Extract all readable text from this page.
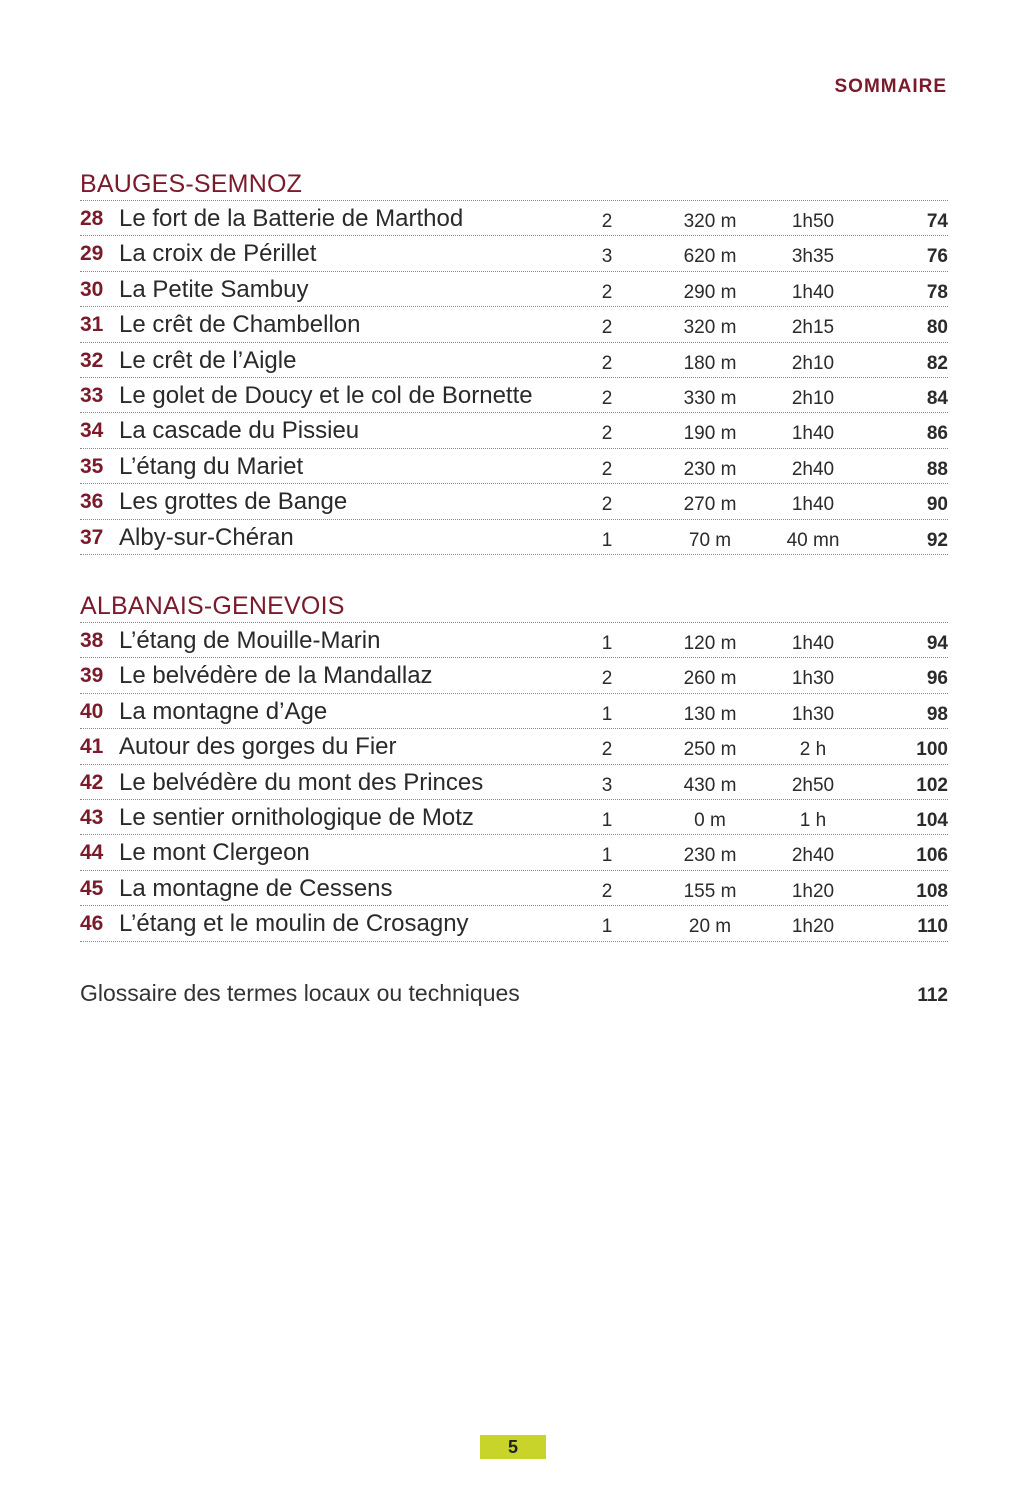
SOMMAIRE
BAUGES-SEMNOZ
28 Le fort de la Batterie de Marthod	2	320 m	1h50	74
29 La croix de Périllet	3	620 m	3h35	76
30 La Petite Sambuy	2	290 m	1h40	78
31 Le crêt de Chambellon	2	320 m	2h15	80
32 Le crêt de l’Aigle	2	180 m	2h10	82
33 Le golet de Doucy et le col de Bornette	2	330 m	2h10	84
34 La cascade du Pissieu	2	190 m	1h40	86
35 L’étang du Mariet	2	230 m	2h40	88
36 Les grottes de Bange	2	270 m	1h40	90
37 Alby-sur-Chéran	1	70 m	40 mn	92
ALBANAIS-GENEVOIS
38 L’étang de Mouille-Marin	1	120 m	1h40	94
39 Le belvédère de la Mandallaz	2	260 m	1h30	96
40 La montagne d’Age	1	130 m	1h30	98
41 Autour des gorges du Fier	2	250 m	2 h	100
42 Le belvédère du mont des Princes	3	430 m	2h50	102
43 Le sentier ornithologique de Motz	1	0 m	1 h	104
44 Le mont Clergeon	1	230 m	2h40	106
45 La montagne de Cessens	2	155 m	1h20	108
46 L’étang et le moulin de Crosagny	1	20 m	1h20	110
Glossaire des termes locaux ou techniques	112
5
